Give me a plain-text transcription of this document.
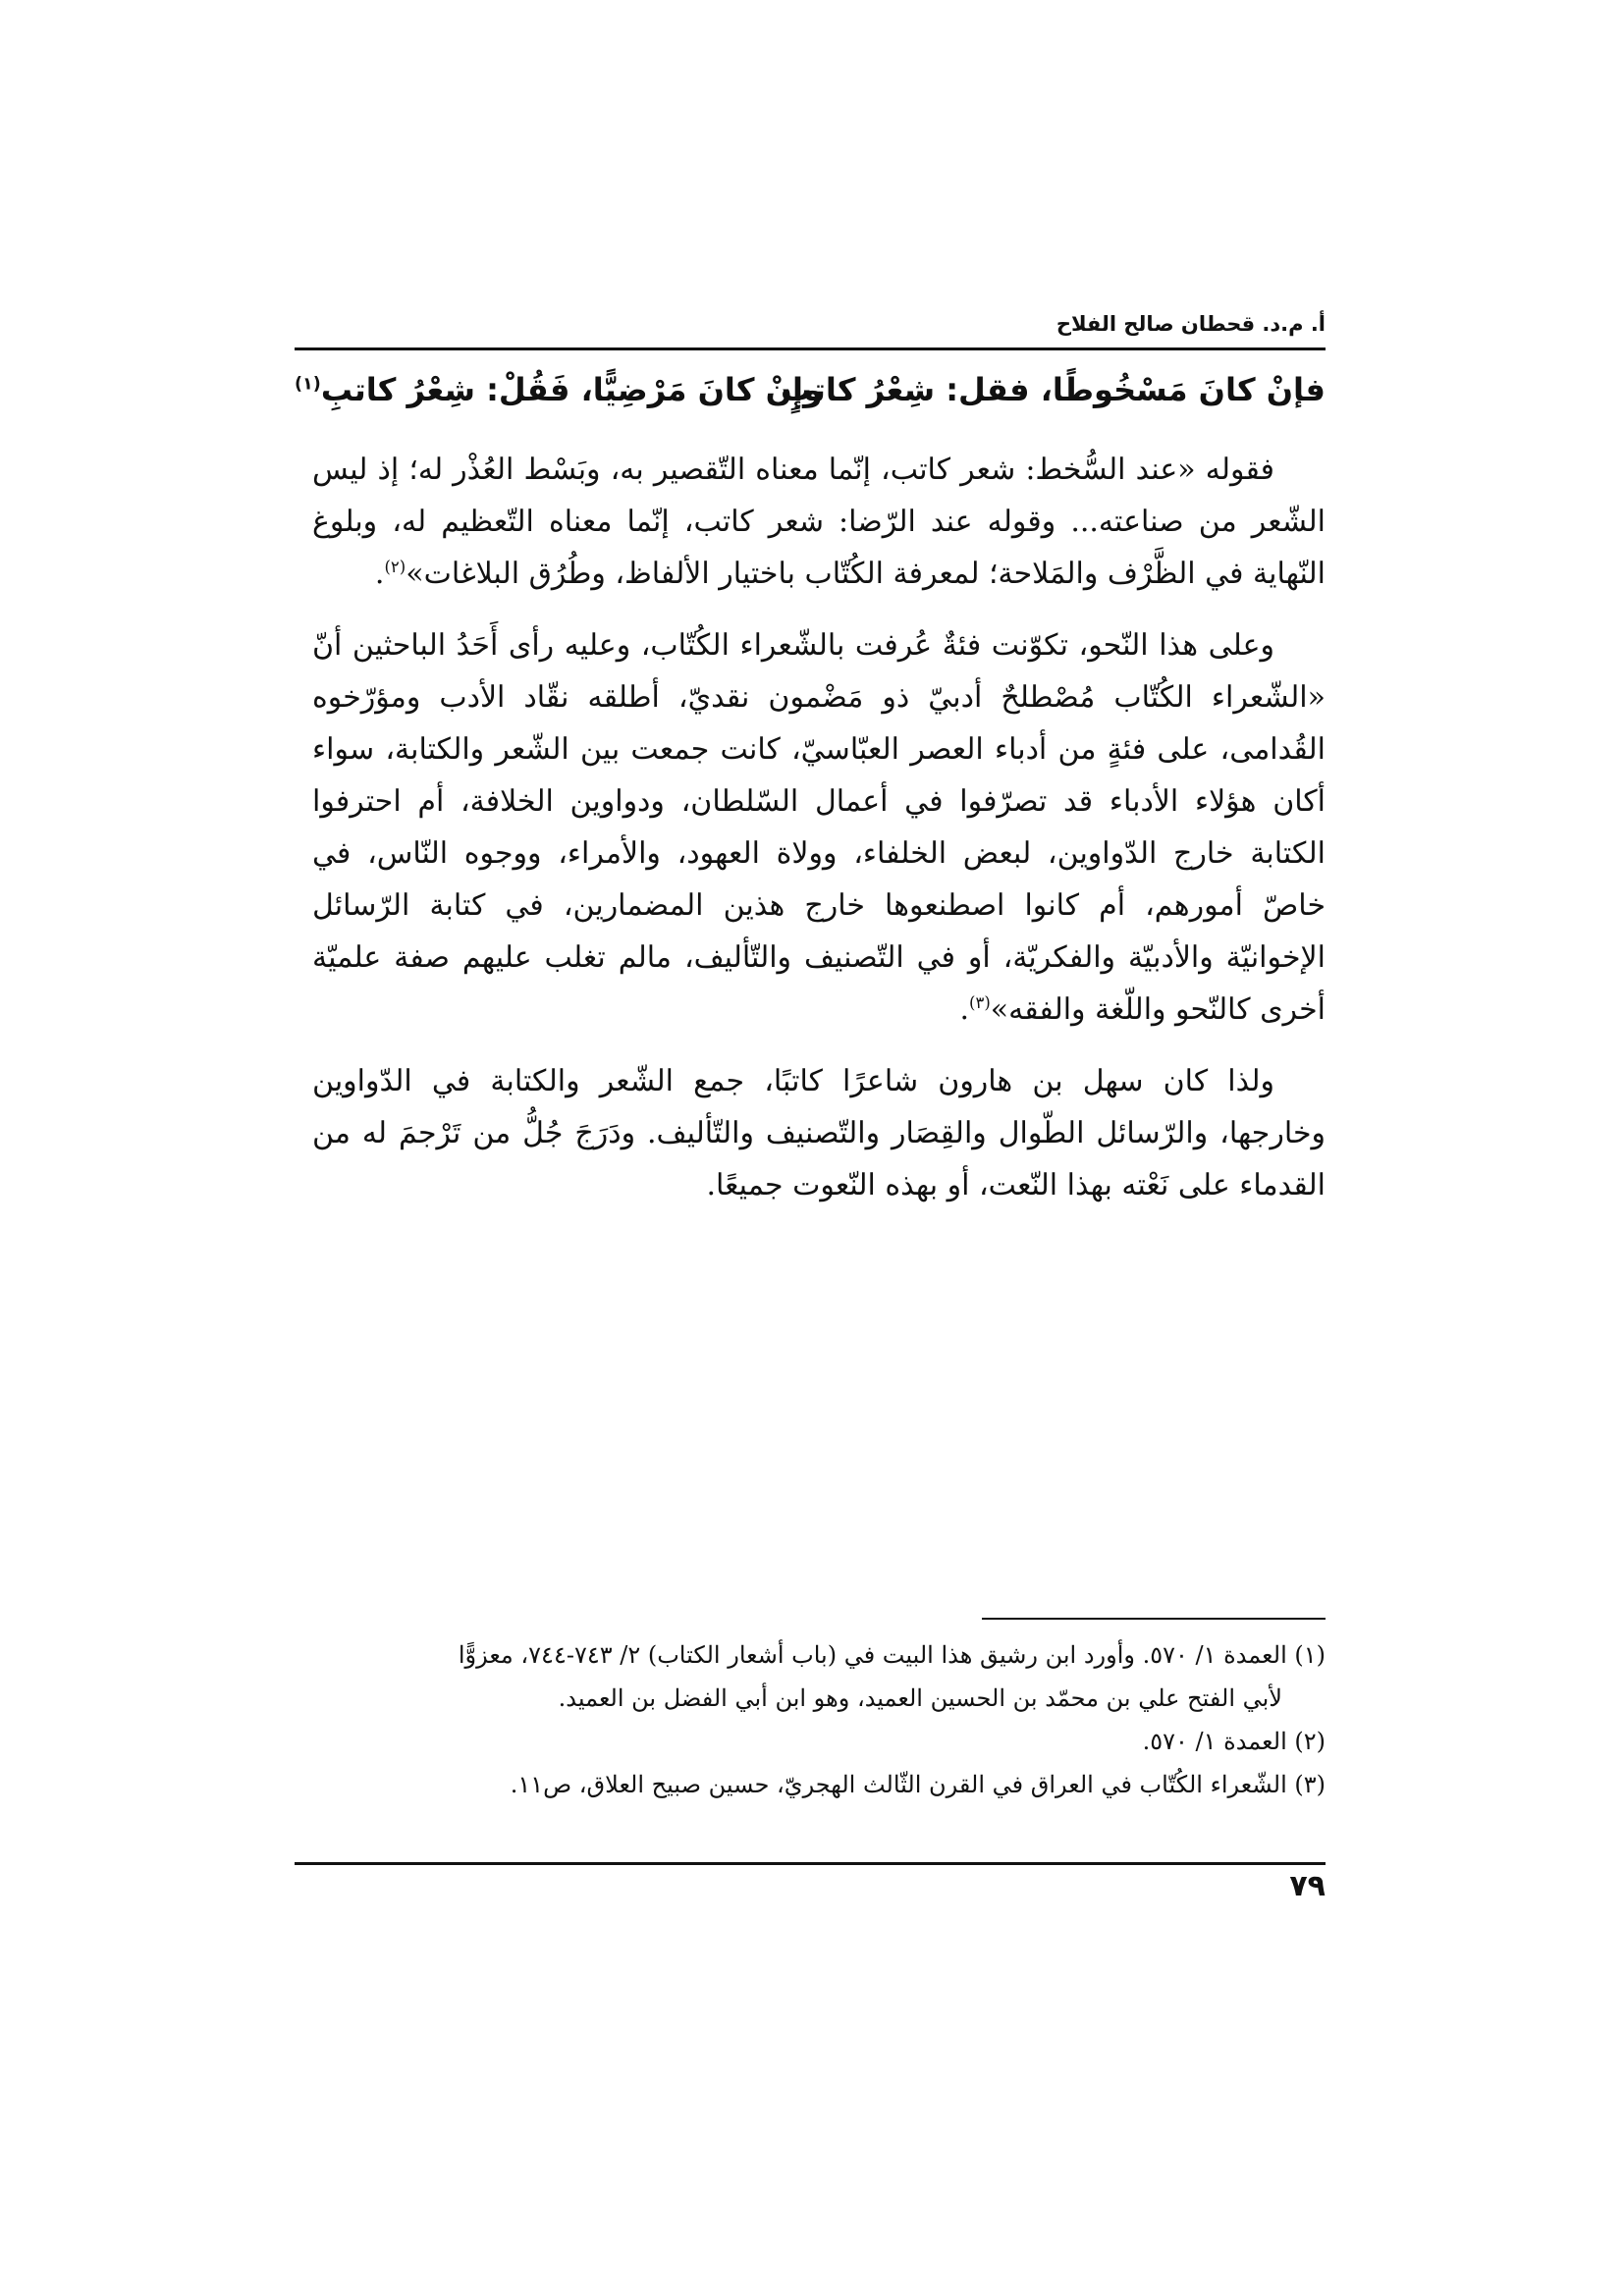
أ. م.د. قحطان صالح الفلاح
فإنْ كانَ مَسْخُوطًا، فقل: شِعْرُ كاتبٍ
وإنْ كانَ مَرْضِيًّا، فَقُلْ: شِعْرُ كاتبِ$^{(١)}$

فقوله «عند السُّخط: شعر كاتب، إنّما معناه التّقصير به، وبَسْط العُذْر له؛ إذ ليس الشّعر من صناعته... وقوله عند الرّضا: شعر كاتب، إنّما معناه التّعظيم له، وبلوغ النّهاية في الظَّرْف والمَلاحة؛ لمعرفة الكُتّاب باختيار الألفاظ، وطُرُق البلاغات»$^{(٢)}$.

وعلى هذا النّحو، تكوّنت فئةٌ عُرفت بالشّعراء الكُتّاب، وعليه رأى أَحَدُ الباحثين أنّ «الشّعراء الكُتّاب مُصْطلحٌ أدبيّ ذو مَضْمون نقديّ، أطلقه نقّاد الأدب ومؤرّخوه القُدامى، على فئةٍ من أدباء العصر العبّاسيّ، كانت جمعت بين الشّعر والكتابة، سواء أكان هؤلاء الأدباء قد تصرّفوا في أعمال السّلطان، ودواوين الخلافة، أم احترفوا الكتابة خارج الدّواوين، لبعض الخلفاء، وولاة العهود، والأمراء، ووجوه النّاس، في خاصّ أمورهم، أم كانوا اصطنعوها خارج هذين المضمارين، في كتابة الرّسائل الإخوانيّة والأدبيّة والفكريّة، أو في التّصنيف والتّأليف، مالم تغلب عليهم صفة علميّة أخرى كالنّحو واللّغة والفقه»$^{(٣)}$.

ولذا كان سهل بن هارون شاعرًا كاتبًا، جمع الشّعر والكتابة في الدّواوين وخارجها، والرّسائل الطّوال والقِصَار والتّصنيف والتّأليف. ودَرَجَ جُلُّ من تَرْجمَ له من القدماء على نَعْته بهذا النّعت، أو بهذه النّعوت جميعًا.

(١) العمدة ١/ ٥٧٠. وأورد ابن رشيق هذا البيت في (باب أشعار الكتاب) ٢/ ٧٤٣-٧٤٤، معزوًّا

لأبي الفتح علي بن محمّد بن الحسين العميد، وهو ابن أبي الفضل بن العميد.

(٢) العمدة ١/ ٥٧٠.

(٣) الشّعراء الكُتّاب في العراق في القرن الثّالث الهجريّ، حسين صبيح العلاق، ص١١.

٧٩
